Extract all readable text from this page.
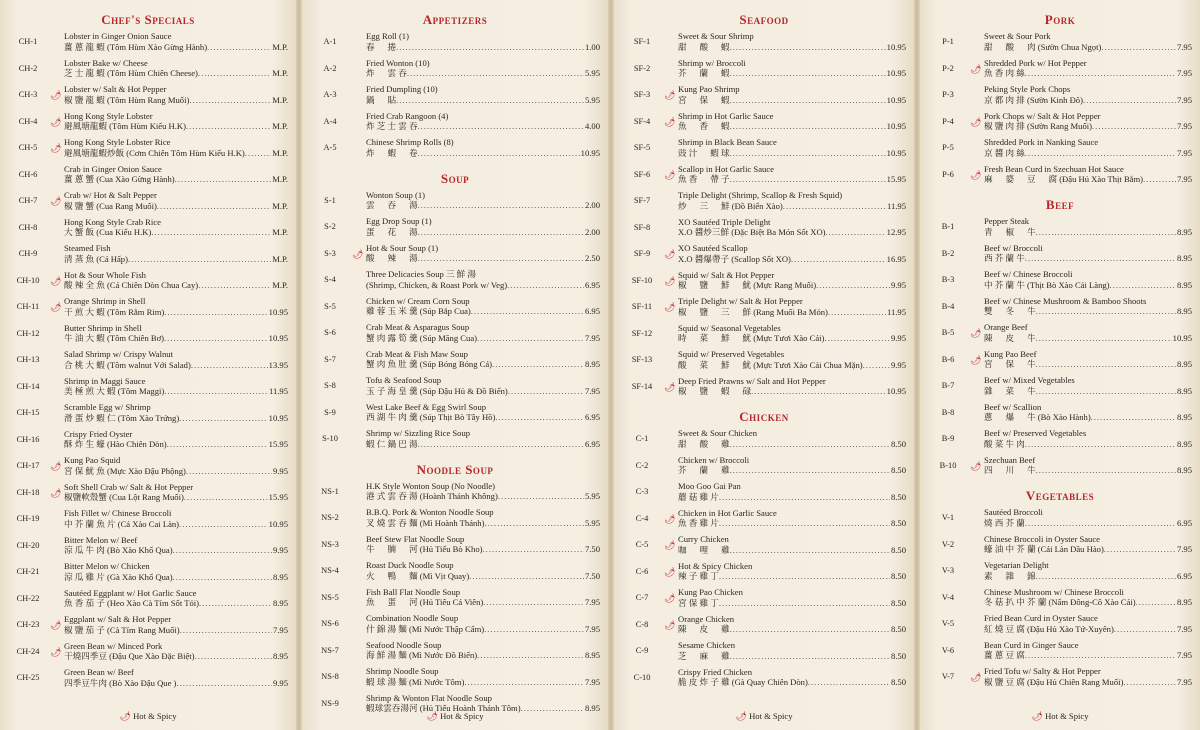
Chef's Specials
CH-1
Lobster in Ginger Onion Sauce
薑 蔥 龍 蝦 (Tôm Hùm Xào Gừng Hành) .....	M.P.
CH-2
Lobster Bake w/ Cheese
芝 士 龍 蝦 (Tôm Hùm Chiên Cheese) .....	M.P.
CH-3	🌶
Lobster w/ Salt & Hot Pepper
椒 鹽 龍 蝦 (Tôm Hùm Rang Muối) .....	M.P.
CH-4	🌶
Hong Kong Style Lobster
避風塘龍蝦 (Tôm Hùm Kiểu H.K) .....	M.P.
CH-5	🌶
Hong Kong Style Lobster Rice
避風塘龍蝦炒飯 (Cơm Chiên Tôm Hùm Kiểu H.K) .....	M.P.
CH-6
Crab in Ginger Onion Sauce
薑 蔥 蟹 (Cua Xào Gừng Hành) .....	M.P.
CH-7	🌶
Crab w/ Hot & Salt Pepper
椒 鹽 蟹 (Cua Rang Muối) .....	M.P.
CH-8
Hong Kong Style Crab Rice
大 蟹 飯 (Cua Kiểu H.K) .....	M.P.
CH-9
Steamed Fish
清 蒸 魚 (Cá Hấp) .....	M.P.
CH-10	🌶
Hot & Sour Whole Fish
酸 辣 全 魚 (Cá Chiên Dòn Chua Cay) .....	M.P.
CH-11	🌶
Orange Shrimp in Shell
干 煎 大 蝦 (Tôm Rằm Rim) .....	10.95
CH-12
Butter Shrimp in Shell
牛 油 大 蝦 (Tôm Chiên Bơ) .....	10.95
CH-13
Salad Shrimp w/ Crispy Walnut
合 桃 大 蝦 (Tôm walnut Với Salad) .....	13.95
CH-14
Shrimp in Maggi Sauce
美 極 煎 大 蝦 (Tôm Maggi) .....	11.95
CH-15
Scramble Egg w/ Shrimp
滑 蛋 炒 蝦 仁 (Tôm Xào Trứng) .....	10.95
CH-16
Crispy Fried Oyster
酥 炸 生 蠔 (Hào Chiên Dòn) .....	15.95
CH-17	🌶
Kung Pao Squid
宮 保 魷 魚 (Mực Xào Đậu Phộng) .....	9.95
CH-18	🌶
Soft Shell Crab w/ Salt & Hot Pepper
椒鹽軟殼蟹 (Cua Lột Rang Muối) .....	15.95
CH-19
Fish Fillet w/ Chinese Broccoli
中 芥 蘭 魚 片 (Cá Xào Cai Làn) .....	10.95
CH-20
Bitter Melon w/ Beef
涼 瓜 牛 肉 (Bò Xào Khổ Qua) .....	9.95
CH-21
Bitter Melon w/ Chicken
涼 瓜 雞 片 (Gà Xào Khổ Qua) .....	8.95
CH-22
Sautéed Eggplant w/ Hot Garlic Sauce
魚 香 茄 子 (Heo Xào Cà Tím Sốt Tỏi) .....	8.95
CH-23	🌶
Eggplant w/ Salt & Hot Pepper
椒 鹽 茄 子 (Cà Tím Rang Muối) .....	7.95
CH-24	🌶
Green Bean w/ Minced Pork
干燒四季豆 (Đậu Que Xào Đặc Biệt) .....	8.95
CH-25
Green Bean w/ Beef
四季豆牛肉 (Bò Xào Đậu Que ) .....	9.95
🌶 Hot & Spicy
Appetizers
A-1
Egg Roll (1)
春 　 捲 .....	1.00
A-2
Fried Wonton (10)
炸 　 雲 吞 .....	5.95
A-3
Fried Dumpling (10)
鍋 　 貼 .....	5.95
A-4
Fried Crab Rangoon (4)
炸 芝 士 雲 吞 .....	4.00
A-5
Chinese Shrimp Rolls (8)
炸 　 蝦 　 卷 .....	10.95
Soup
S-1
Wonton Soup (1)
雲 　 吞 　 湯 .....	2.00
S-2
Egg Drop Soup (1)
蛋 　 花 　 湯 .....	2.00
S-3	🌶
Hot & Sour Soup (1)
酸 　 辣 　 湯 .....	2.50
S-4
Three Delicacies Soup 三 鮮 湯
(Shrimp, Chicken, & Roast Pork w/ Veg) .....	6.95
S-5
Chicken w/ Cream Corn Soup
雞 蓉 玉 米 羹 (Súp Bắp Cua) .....	6.95
S-6
Crab Meat & Asparagus Soup
蟹 肉 露 筍 羹 (Súp Măng Cua) .....	7.95
S-7
Crab Meat & Fish Maw Soup
蟹 肉 魚 肚 羹 (Súp Bóng Bóng Cá) .....	8.95
S-8
Tofu & Seafood Soup
玉 子 海 皇 羹 (Súp Đậu Hủ & Đồ Biển) .....	7.95
S-9
West Lake Beef & Egg Swirl Soup
西 湖 牛 肉 羹 (Súp Thịt Bò Tây Hồ) .....	6.95
S-10
Shrimp w/ Sizzling Rice Soup
蝦 仁 鍋 巴 湯 .....	6.95
Noodle Soup
NS-1
H.K Style Wonton Soup (No Noodle)
港 式 雲 吞 湯 (Hoành Thánh Không) .....	5.95
NS-2
B.B.Q. Pork & Wonton Noodle Soup
叉 燒 雲 吞 麵 (Mì Hoành Thánh) .....	5.95
NS-3
Beef Stew Flat Noodle Soup
牛 　 腩 　 河 (Hủ Tiếu Bò Kho) .....	7.50
NS-4
Roast Duck Noodle Soup
火 　 鴨 　 麵 (Mì Vịt Quay) .....	7.50
NS-5
Fish Ball Flat Noodle Soup
魚 　 蛋 　 河 (Hủ Tiếu Cá Viên) .....	7.95
NS-6
Combination Noodle Soup
什 錦 湯 麵 (Mì Nước Thập Cẩm) .....	7.95
NS-7
Seafood Noodle Soup
海 鮮 湯 麵 (Mì Nước Đồ Biển) .....	8.95
NS-8
Shrimp Noodle Soup
蝦 球 湯 麵 (Mì Nước Tôm) .....	7.95
NS-9
Shrimp & Wonton Flat Noodle Soup
蝦球雲吞湯河 (Hủ Tiếu Hoành Thánh Tôm) .....	8.95
🌶 Hot & Spicy
Seafood
SF-1
Sweet & Sour Shrimp
甜 　 酸 　 蝦 .....	10.95
SF-2
Shrimp w/ Broccoli
芥 　 蘭 　 蝦 .....	10.95
SF-3	🌶
Kung Pao Shrimp
宮 　 保 　 蝦 .....	10.95
SF-4	🌶
Shrimp in Hot Garlic Sauce
魚 　 香 　 蝦 .....	10.95
SF-5
Shrimp in Black Bean Sauce
豉 汁 　 蝦 球 .....	10.95
SF-6	🌶
Scallop in Hot Garlic Sauce
魚 香 　 帶 子 .....	15.95
SF-7
Triple Delight (Shrimp, Scallop & Fresh Squid)
炒 　 三 　 鮮 (Đồ Biển Xào) .....	11.95
SF-8
XO Sautéed Triple Delight
X.O 醬炒三鮮 (Đặc Biệt Ba Món Sốt XO) .....	12.95
SF-9	🌶
XO Sautéed Scallop
X.O 醬爆帶子 (Scallop Sốt XO) .....	16.95
SF-10	🌶
Squid w/ Salt & Hot Pepper
椒 　 鹽 　 鮮 　 魷 (Mực Rang Muối) .....	9.95
SF-11	🌶
Triple Delight w/ Salt & Hot Pepper
椒 　 鹽 　 三 　 鮮 (Rang Muối Ba Món) .....	11.95
SF-12
Squid w/ Seasonal Vegetables
時 　 菜 　 鮮 　 魷 (Mực Tươi Xào Cải) .....	9.95
SF-13
Squid w/ Preserved Vegetables
酸 　 菜 　 鮮 　 魷 (Mực Tươi Xào Cải Chua Mặn) .....	9.95
SF-14	🌶
Deep Fried Prawns w/ Salt and Hot Pepper
椒 　 鹽 　 蝦 　 碌 .....	10.95
Chicken
C-1
Sweet & Sour Chicken
甜 　 酸 　 雞 .....	8.50
C-2
Chicken w/ Broccoli
芥 　 蘭 　 雞 .....	8.50
C-3
Moo Goo Gai Pan
蘑 菇 雞 片 .....	8.50
C-4	🌶
Chicken in Hot Garlic Sauce
魚 香 雞 片 .....	8.50
C-5	🌶
Curry Chicken
咖 　 哩 　 雞 .....	8.50
C-6	🌶
Hot & Spicy Chicken
辣 子 雞 丁 .....	8.50
C-7	🌶
Kung Pao Chicken
宮 保 雞 丁 .....	8.50
C-8	🌶
Orange Chicken
陳 　 皮 　 雞 .....	8.50
C-9
Sesame Chicken
芝 　 麻 　 雞 .....	8.50
C-10
Crispy Fried Chicken
脆 皮 炸 子 雞 (Gà Quay Chiên Dòn) .....	8.50
🌶 Hot & Spicy
Pork
P-1
Sweet & Sour Pork
甜 　 酸 　 肉 (Sườn Chua Ngọt) .....	7.95
P-2	🌶
Shredded Pork w/ Hot Pepper
魚 香 肉 絲 .....	7.95
P-3
Peking Style Pork Chops
京 都 肉 排 (Sườn Kinh Đô) .....	7.95
P-4	🌶
Pork Chops w/ Salt & Hot Pepper
椒 鹽 肉 排 (Sườn Rang Muối) .....	7.95
P-5
Shredded Pork in Nanking Sauce
京 醬 肉 絲 .....	7.95
P-6	🌶
Fresh Bean Curd in Szechuan Hot Sauce
麻 　 婆 　 豆 　 腐 (Đậu Hủ Xào Thịt Bằm) .....	7.95
Beef
B-1
Pepper Steak
青 　 椒 　 牛 .....	8.95
B-2
Beef w/ Broccoli
西 芥 蘭 牛 .....	8.95
B-3
Beef w/ Chinese Broccoli
中 芥 蘭 牛 (Thịt Bò Xào Cải Làng) .....	8.95
B-4
Beef w/ Chinese Mushroom & Bamboo Shoots
雙 　 冬 　 牛 .....	8.95
B-5	🌶
Orange Beef
陳 　 皮 　 牛 .....	10.95
B-6	🌶
Kung Pao Beef
宮 　 保 　 牛 .....	8.95
B-7
Beef w/ Mixed Vegetables
雜 　 菜 　 牛 .....	8.95
B-8
Beef w/ Scallion
蔥 　 爆 　 牛 (Bò Xào Hành) .....	8.95
B-9
Beef w/ Preserved Vegetables
酸 菜 牛 肉 .....	8.95
B-10	🌶
Szechuan Beef
四 　 川 　 牛 .....	8.95
Vegetables
V-1
Sautéed Broccoli
燒 西 芥 蘭 .....	6.95
V-2
Chinese Broccoli in Oyster Sauce
蠔 油 中 芥 蘭 (Cải Làn Dầu Hào) .....	7.95
V-3
Vegetarian Delight
素 　 雜 　 錦 .....	6.95
V-4
Chinese Mushroom w/ Chinese Broccoli
冬 菇 扒 中 芥 蘭 (Nấm Đông-Cô Xào Cải) .....	8.95
V-5
Fried Bean Curd in Oyster Sauce
紅 燒 豆 腐 (Đậu Hủ Xào Tứ-Xuyên) .....	7.95
V-6
Bean Curd in Ginger Sauce
薑 蔥 豆 腐 .....	7.95
V-7	🌶
Fried Tofu w/ Salty & Hot Pepper
椒 鹽 豆 腐 (Đậu Hủ Chiên Rang Muối) .....	7.95
🌶 Hot & Spicy
